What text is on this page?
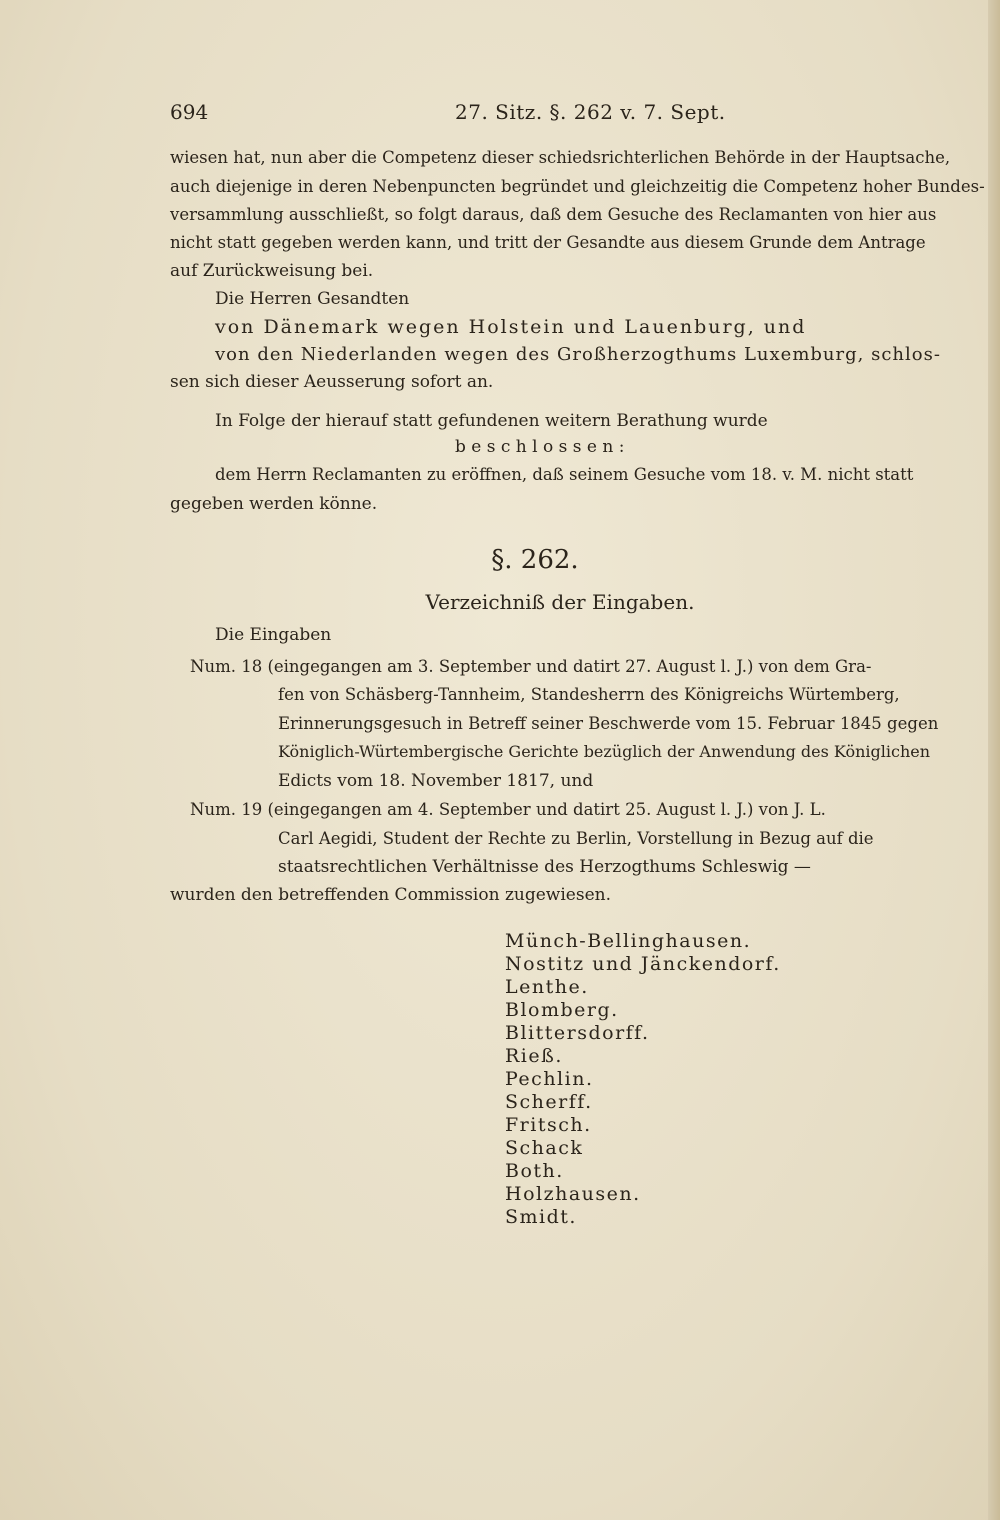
694	27. Sitz. §. 262 v. 7. Sept.
wiesen hat, nun aber die Competenz dieser schiedsrichterlichen Behörde in der Hauptsache,
auch diejenige in deren Nebenpuncten begründet und gleichzeitig die Competenz hoher Bundes-
versammlung ausschließt, so folgt daraus, daß dem Gesuche des Reclamanten von hier aus
nicht statt gegeben werden kann, und tritt der Gesandte aus diesem Grunde dem Antrage
auf Zurückweisung bei.
Die Herren Gesandten
von Dänemark wegen Holstein und Lauenburg, und
von den Niederlanden wegen des Großherzogthums Luxemburg, schlos-
sen sich dieser Aeusserung sofort an.
In Folge der hierauf statt gefundenen weitern Berathung wurde
b e s c h l o s s e n :
dem Herrn Reclamanten zu eröffnen, daß seinem Gesuche vom 18. v. M. nicht statt
gegeben werden könne.
§. 262.
Verzeichniß der Eingaben.
Die Eingaben
Num. 18 (eingegangen am 3. September und datirt 27. August l. J.) von dem Gra-
fen von Schäsberg-Tannheim, Standesherrn des Königreichs Würtemberg,
Erinnerungsgesuch in Betreff seiner Beschwerde vom 15. Februar 1845 gegen
Königlich-Würtembergische Gerichte bezüglich der Anwendung des Königlichen
Edicts vom 18. November 1817, und
Num. 19 (eingegangen am 4. September und datirt 25. August l. J.) von J. L.
Carl Aegidi, Student der Rechte zu Berlin, Vorstellung in Bezug auf die
staatsrechtlichen Verhältnisse des Herzogthums Schleswig —
wurden den betreffenden Commission zugewiesen.
Münch-Bellinghausen.
Nostitz und Jänckendorf.
Lenthe.
Blomberg.
Blittersdorff.
Rieß.
Pechlin.
Scherff.
Fritsch.
Schack
Both.
Holzhausen.
Smidt.
